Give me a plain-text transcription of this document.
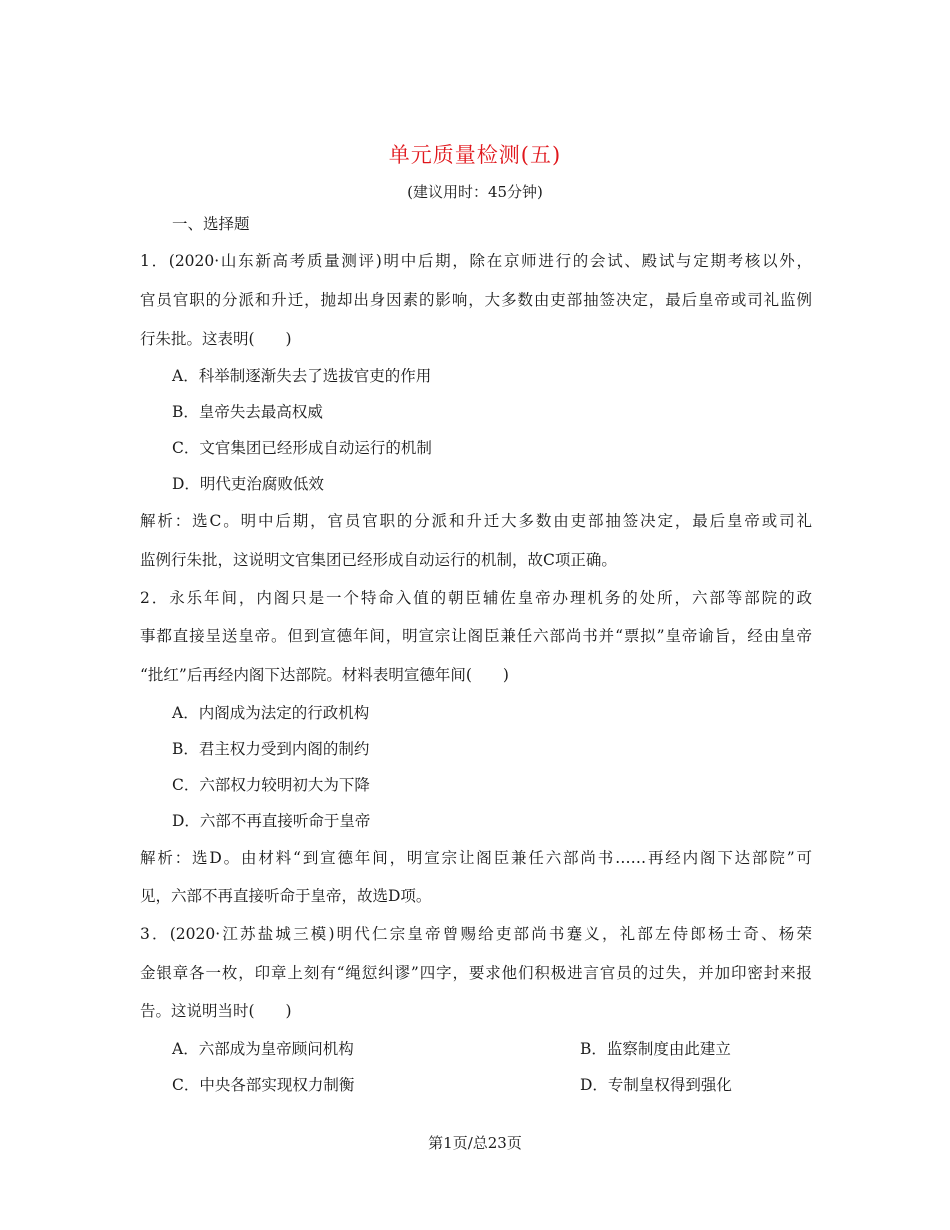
单元质量检测(五)
(建议用时：45分钟)
一、选择题
1．(2020·山东新高考质量测评)明中后期，除在京师进行的会试、殿试与定期考核以外，
官员官职的分派和升迁，抛却出身因素的影响，大多数由吏部抽签决定，最后皇帝或司礼监例
行朱批。这表明(　　)
A．科举制逐渐失去了选拔官吏的作用
B．皇帝失去最高权威
C．文官集团已经形成自动运行的机制
D．明代吏治腐败低效
解析：选C。明中后期，官员官职的分派和升迁大多数由吏部抽签决定，最后皇帝或司礼
监例行朱批，这说明文官集团已经形成自动运行的机制，故C项正确。
2．永乐年间，内阁只是一个特命入值的朝臣辅佐皇帝办理机务的处所，六部等部院的政
事都直接呈送皇帝。但到宣德年间，明宣宗让阁臣兼任六部尚书并“票拟”皇帝谕旨，经由皇帝
“批红”后再经内阁下达部院。材料表明宣德年间(　　)
A．内阁成为法定的行政机构
B．君主权力受到内阁的制约
C．六部权力较明初大为下降
D．六部不再直接听命于皇帝
解析：选D。由材料“到宣德年间，明宣宗让阁臣兼任六部尚书……再经内阁下达部院”可
见，六部不再直接听命于皇帝，故选D项。
3．(2020·江苏盐城三模)明代仁宗皇帝曾赐给吏部尚书蹇义，礼部左侍郎杨士奇、杨荣
金银章各一枚，印章上刻有“绳愆纠谬”四字，要求他们积极进言官员的过失，并加印密封来报
告。这说明当时(　　)
A．六部成为皇帝顾问机构	B．监察制度由此建立
C．中央各部实现权力制衡	D．专制皇权得到强化
第1页/总23页
